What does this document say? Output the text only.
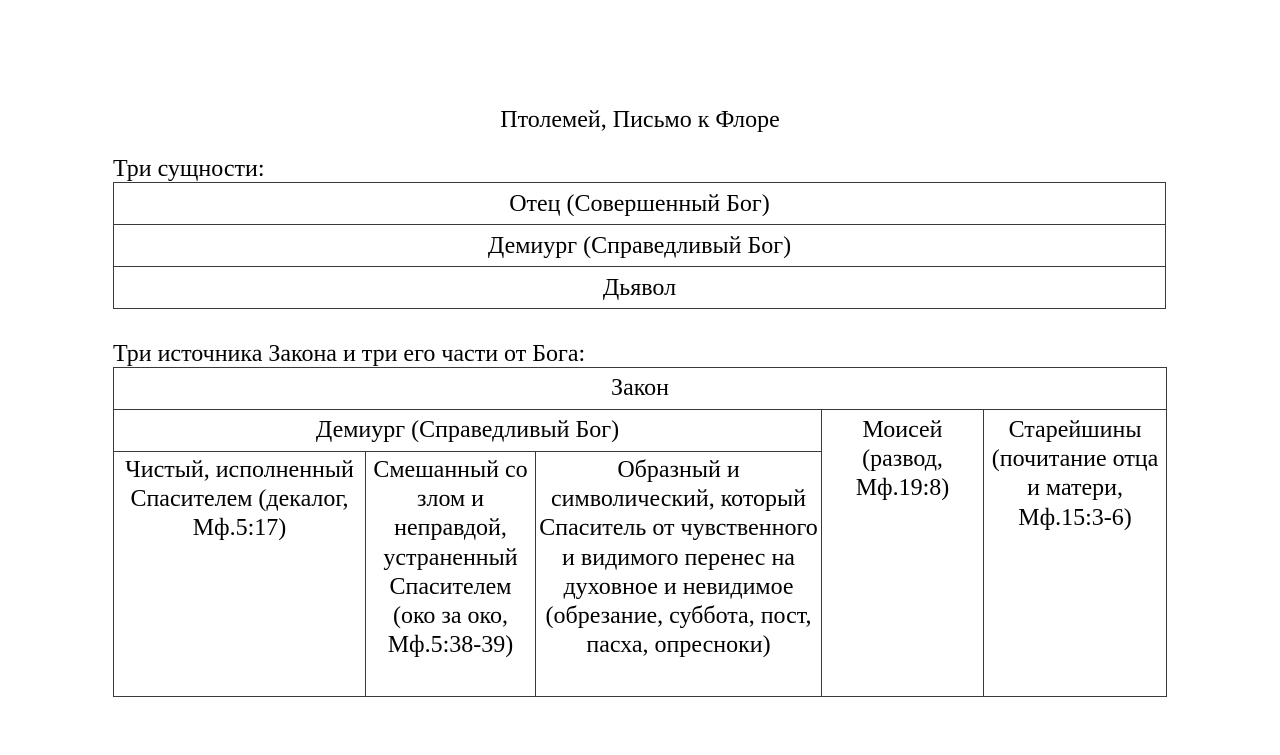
Птолемей, Письмо к Флоре
Три сущности:
Отец (Совершенный Бог)
Демиург (Справедливый Бог)
Дьявол
Три источника Закона и три его части от Бога:
Закон				
Демиург (Справедливый Бог)			Моисей (развод, Мф.19:8)	Старейшины (почитание отца и матери, Мф.15:3-6)
Чистый, исполненный Спасителем (декалог, Мф.5:17)	Смешанный со злом и неправдой, устраненный Спасителем (око за око, Мф.5:38-39)	Образный и символический, который Спаситель от чувственного и видимого перенес на духовное и невидимое (обрезание, суббота, пост, пасха, опресноки)		
